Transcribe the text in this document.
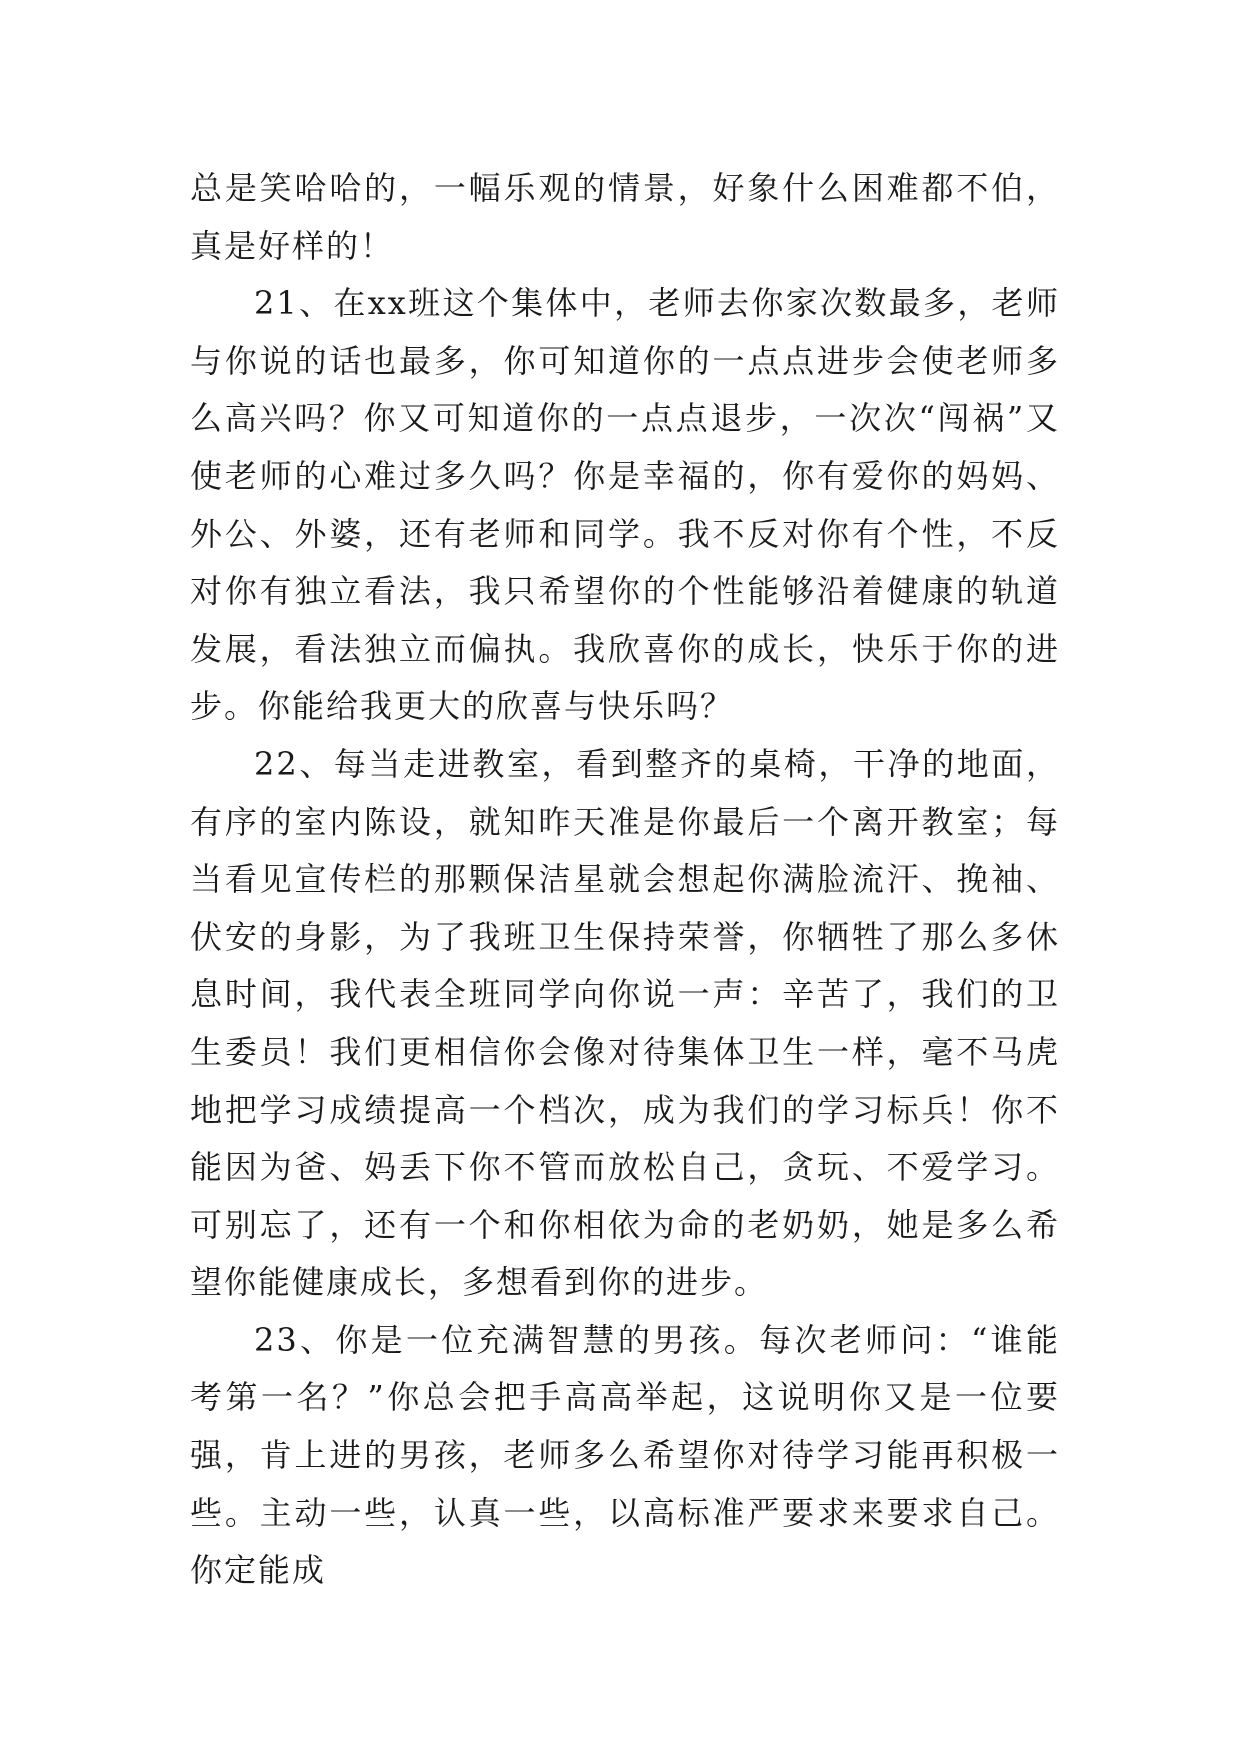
总是笑哈哈的，一幅乐观的情景，好象什么困难都不伯，真是好样的！

21、在xx班这个集体中，老师去你家次数最多，老师与你说的话也最多，你可知道你的一点点进步会使老师多么高兴吗？你又可知道你的一点点退步，一次次“闯祸”又使老师的心难过多久吗？你是幸福的，你有爱你的妈妈、外公、外婆，还有老师和同学。我不反对你有个性，不反对你有独立看法，我只希望你的个性能够沿着健康的轨道发展，看法独立而偏执。我欣喜你的成长，快乐于你的进步。你能给我更大的欣喜与快乐吗？

22、每当走进教室，看到整齐的桌椅，干净的地面，有序的室内陈设，就知昨天准是你最后一个离开教室；每当看见宣传栏的那颗保洁星就会想起你满脸流汗、挽袖、伏安的身影，为了我班卫生保持荣誉，你牺牲了那么多休息时间，我代表全班同学向你说一声：辛苦了，我们的卫生委员！我们更相信你会像对待集体卫生一样，毫不马虎地把学习成绩提高一个档次，成为我们的学习标兵！你不能因为爸、妈丢下你不管而放松自己，贪玩、不爱学习。可别忘了，还有一个和你相依为命的老奶奶，她是多么希望你能健康成长，多想看到你的进步。

23、你是一位充满智慧的男孩。每次老师问：“谁能考第一名？”你总会把手高高举起，这说明你又是一位要强，肯上进的男孩，老师多么希望你对待学习能再积极一些。主动一些，认真一些，以高标准严要求来要求自己。你定能成
